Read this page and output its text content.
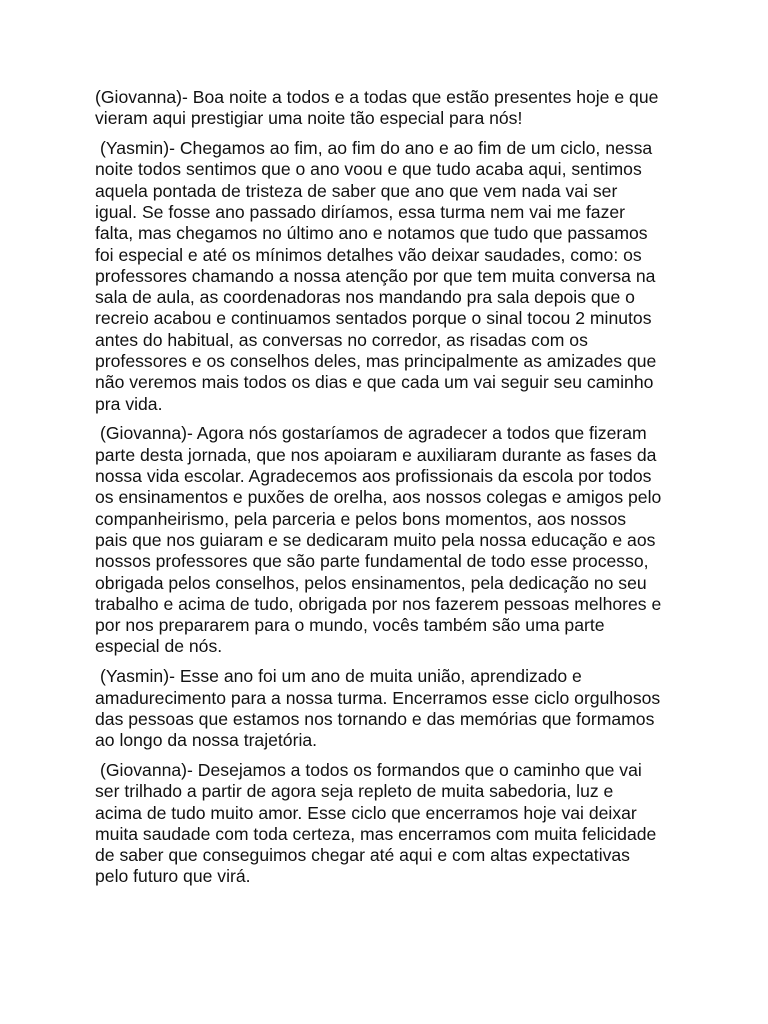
(Giovanna)- Boa noite a todos e a todas que estão presentes hoje e que
vieram aqui prestigiar uma noite tão especial para nós!

(Yasmin)- Chegamos ao fim, ao fim do ano e ao fim de um ciclo, nessa
noite todos sentimos que o ano voou e que tudo acaba aqui, sentimos
aquela pontada de tristeza de saber que ano que vem nada vai ser
igual. Se fosse ano passado diríamos, essa turma nem vai me fazer
falta, mas chegamos no último ano e notamos que tudo que passamos
foi especial e até os mínimos detalhes vão deixar saudades, como: os
professores chamando a nossa atenção por que tem muita conversa na
sala de aula, as coordenadoras nos mandando pra sala depois que o
recreio acabou e continuamos sentados porque o sinal tocou 2 minutos
antes do habitual, as conversas no corredor, as risadas com os
professores e os conselhos deles, mas principalmente as amizades que
não veremos mais todos os dias e que cada um vai seguir seu caminho
pra vida.

(Giovanna)- Agora nós gostaríamos de agradecer a todos que fizeram
parte desta jornada, que nos apoiaram e auxiliaram durante as fases da
nossa vida escolar. Agradecemos aos profissionais da escola por todos
os ensinamentos e puxões de orelha, aos nossos colegas e amigos pelo
companheirismo, pela parceria e pelos bons momentos, aos nossos
pais que nos guiaram e se dedicaram muito pela nossa educação e aos
nossos professores que são parte fundamental de todo esse processo,
obrigada pelos conselhos, pelos ensinamentos, pela dedicação no seu
trabalho e acima de tudo, obrigada por nos fazerem pessoas melhores e
por nos prepararem para o mundo, vocês também são uma parte
especial de nós.

(Yasmin)- Esse ano foi um ano de muita união, aprendizado e
amadurecimento para a nossa turma. Encerramos esse ciclo orgulhosos
das pessoas que estamos nos tornando e das memórias que formamos
ao longo da nossa trajetória.

(Giovanna)- Desejamos a todos os formandos que o caminho que vai
ser trilhado a partir de agora seja repleto de muita sabedoria, luz e
acima de tudo muito amor. Esse ciclo que encerramos hoje vai deixar
muita saudade com toda certeza, mas encerramos com muita felicidade
de saber que conseguimos chegar até aqui e com altas expectativas
pelo futuro que virá.
